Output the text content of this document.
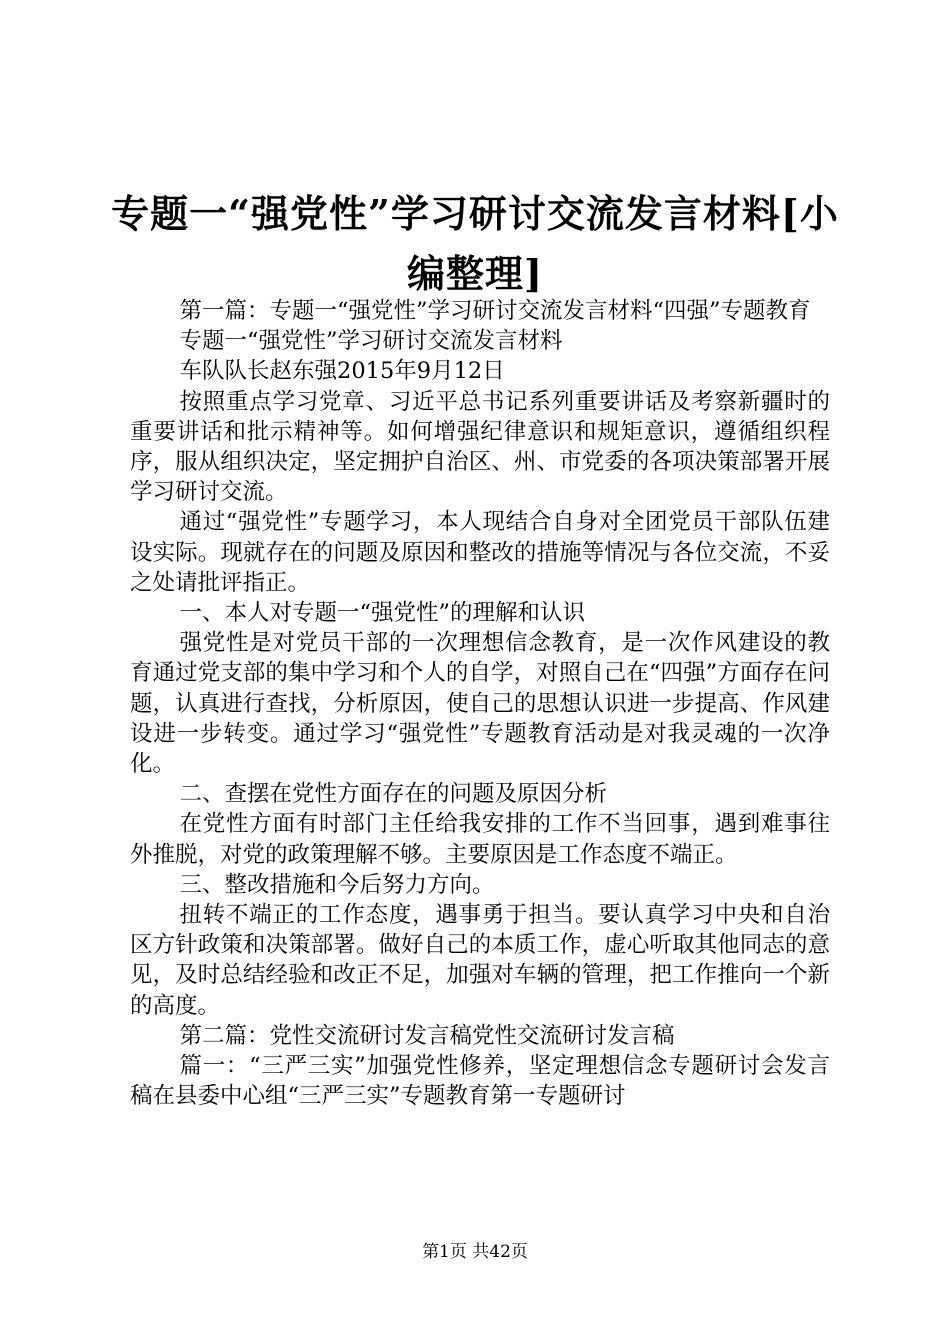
专题一“强党性”学习研讨交流发言材料[小编整理]

第一篇：专题一“强党性”学习研讨交流发言材料“四强”专题教育

专题一“强党性”学习研讨交流发言材料

车队队长赵东强2015年9月12日

按照重点学习党章、习近平总书记系列重要讲话及考察新疆时的重要讲话和批示精神等。如何增强纪律意识和规矩意识，遵循组织程序，服从组织决定，坚定拥护自治区、州、市党委的各项决策部署开展学习研讨交流。

通过“强党性”专题学习，本人现结合自身对全团党员干部队伍建设实际。现就存在的问题及原因和整改的措施等情况与各位交流，不妥之处请批评指正。

一、本人对专题一“强党性”的理解和认识

强党性是对党员干部的一次理想信念教育，是一次作风建设的教育通过党支部的集中学习和个人的自学，对照自己在“四强”方面存在问题，认真进行查找，分析原因，使自己的思想认识进一步提高、作风建设进一步转变。通过学习“强党性”专题教育活动是对我灵魂的一次净化。

二、查摆在党性方面存在的问题及原因分析

在党性方面有时部门主任给我安排的工作不当回事，遇到难事往外推脱，对党的政策理解不够。主要原因是工作态度不端正。

三、整改措施和今后努力方向。

扭转不端正的工作态度，遇事勇于担当。要认真学习中央和自治区方针政策和决策部署。做好自己的本质工作，虚心听取其他同志的意见，及时总结经验和改正不足，加强对车辆的管理，把工作推向一个新的高度。

第二篇：党性交流研讨发言稿党性交流研讨发言稿

篇一：“三严三实”加强党性修养，坚定理想信念专题研讨会发言稿在县委中心组“三严三实”专题教育第一专题研讨

第1页 共42页
